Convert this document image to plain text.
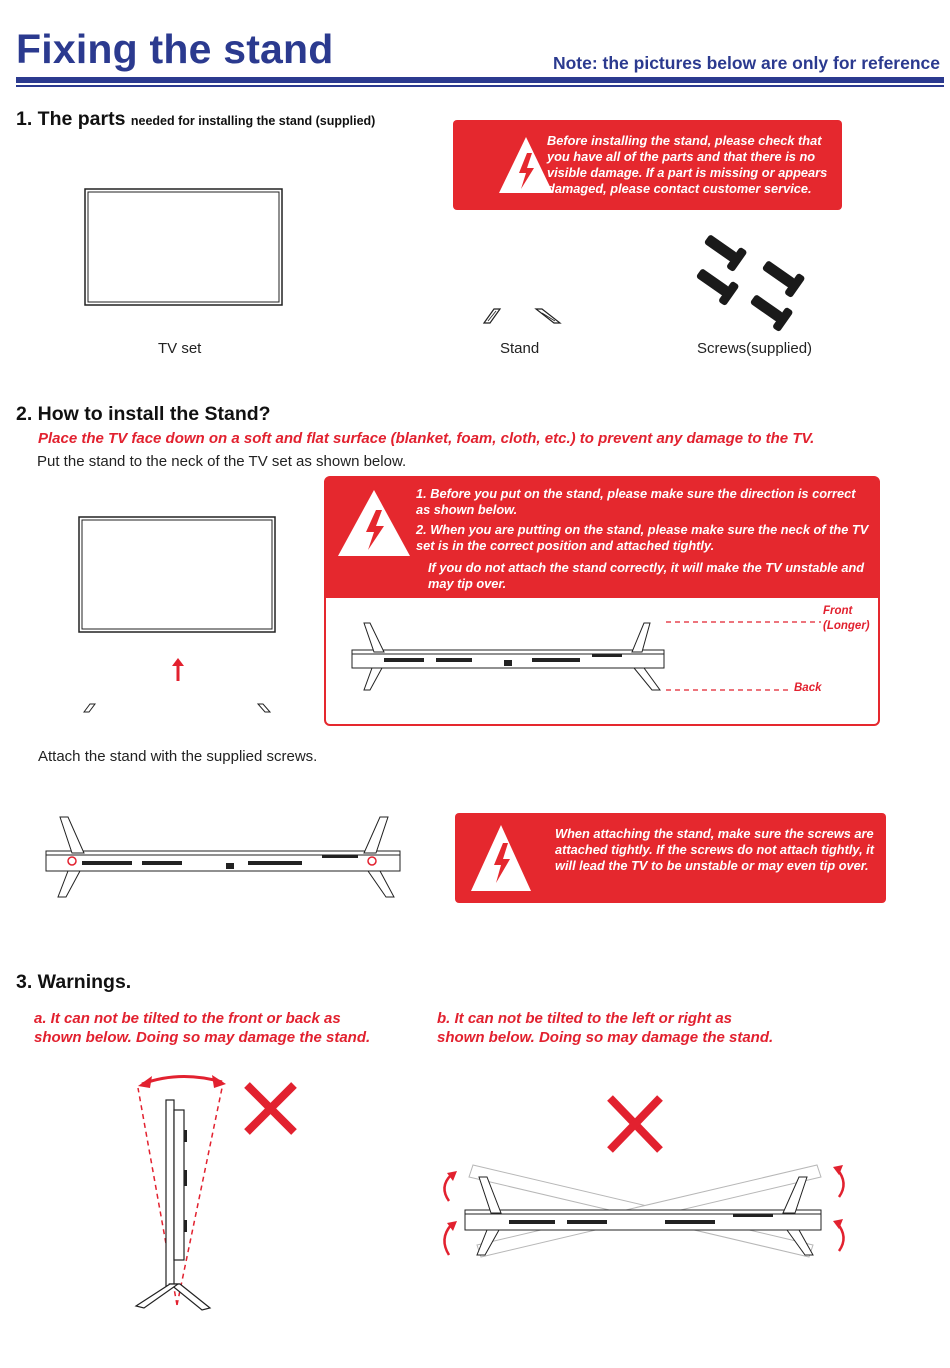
Fixing the stand	Note: the pictures below are only for reference
1. The parts needed for installing the stand (supplied)
Before installing the stand, please check that you have all of the parts and that there is no visible damage. If a part is missing or appears damaged, please contact customer service.
TV set	Stand	Screws(supplied)
2. How to install the Stand?
Place the TV face down on a soft and flat surface (blanket, foam, cloth, etc.) to prevent any damage to the TV.
Put the stand to the neck of the TV set as shown below.
1. Before you put on the stand, please make sure the direction is correct as shown below.
2. When you are putting on the stand, please make sure the neck of the TV set is in the correct position and attached tightly.
If you do not attach the stand correctly, it will make the TV unstable and may tip over.
Front
(Longer)
Back
Attach the stand with the supplied screws.
When attaching the stand, make sure the screws are attached tightly. If the screws do not attach tightly, it will lead the TV to be unstable or may even tip over.
3. Warnings.
a. It can not be tilted to the front or back as shown below. Doing so may damage the stand.
b. It can not be tilted to the left or right as shown below. Doing so may damage the stand.
